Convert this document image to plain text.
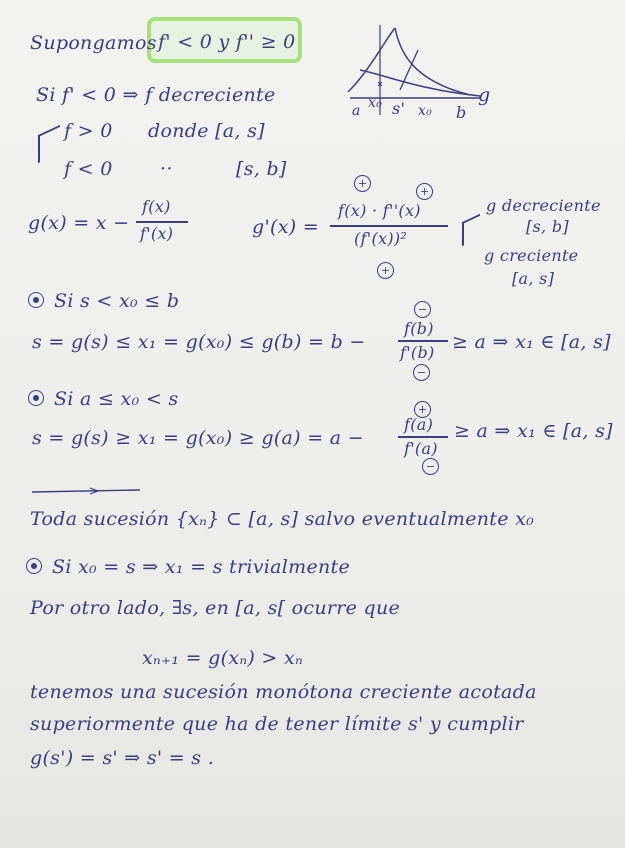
Supongamos f' < 0 y f'' ≥ 0
g
a x₀ s' x₀ b
Si f' < 0 ⇒ f decreciente
f > 0 donde [a, s]
f < 0 ··	[s, b]
g(x) = x −
f(x)
f'(x)
+
+
g'(x) =
f(x) · f''(x)
(f'(x))²
+
g decreciente
[s, b]
g creciente
[a, s]
Si s < x₀ ≤ b	−
s = g(s) ≤ x₁ = g(x₀) ≤ g(b) = b −
f(b)
f'(b)
−
≥ a ⇒ x₁ ∈ [a, s]
Si a ≤ x₀ < s	+
s = g(s) ≥ x₁ = g(x₀) ≥ g(a) = a −
f(a)
f'(a)
−
≥ a ⇒ x₁ ∈ [a, s]
Toda sucesión {xₙ} ⊂ [a, s] salvo eventualmente x₀
Si x₀ = s ⇒ x₁ = s trivialmente
Por otro lado, ∃s, en [a, s[ ocurre que
xₙ₊₁ = g(xₙ) > xₙ
tenemos una sucesión monótona creciente acotada
superiormente que ha de tener límite s' y cumplir
g(s') = s' ⇒ s' = s .
